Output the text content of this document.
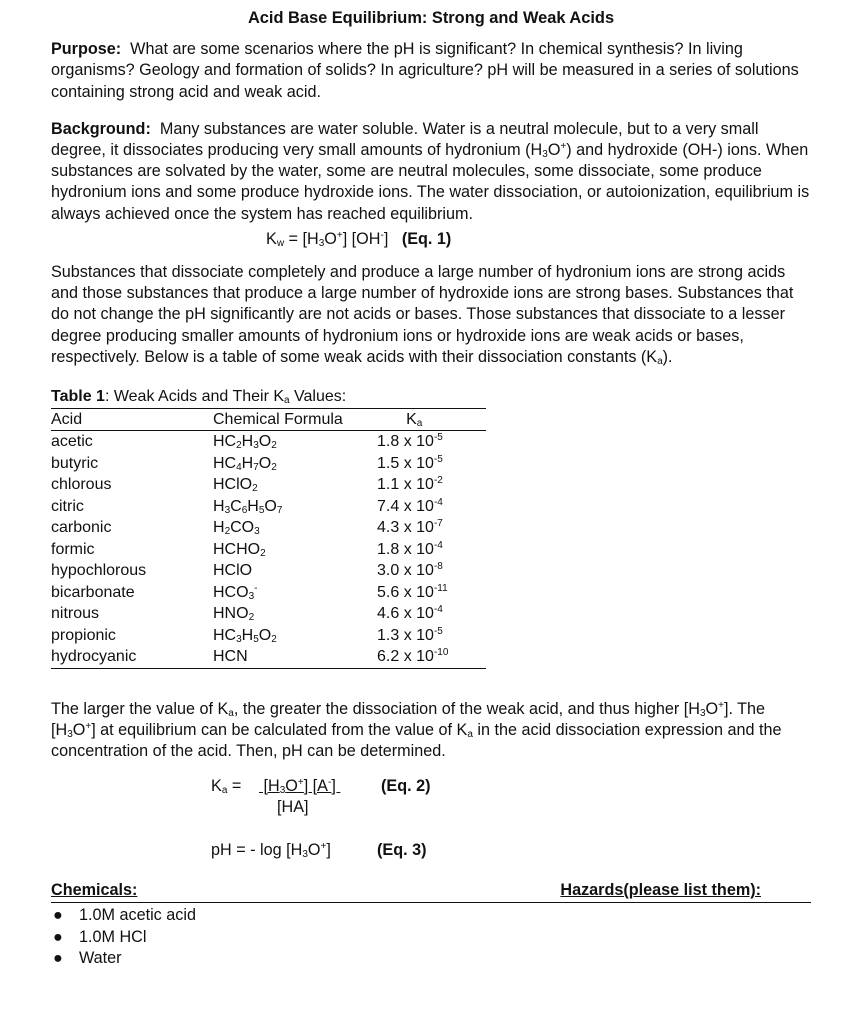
Acid Base Equilibrium: Strong and Weak Acids

Purpose: What are some scenarios where the pH is significant? In chemical synthesis? In living organisms? Geology and formation of solids? In agriculture? pH will be measured in a series of solutions containing strong acid and weak acid.

Background: Many substances are water soluble. Water is a neutral molecule, but to a very small degree, it dissociates producing very small amounts of hydronium $(H_3O^+)$ and hydroxide (OH-) ions. When substances are solvated by the water, some are neutral molecules, some dissociate, some produce hydronium ions and some produce hydroxide ions. The water dissociation, or autoionization, equilibrium is always achieved once the system has reached equilibrium.

$K_w = [H_3O^+]$ [OH-]   (Eq. 1)

Substances that dissociate completely and produce a large number of hydronium ions are strong acids and those substances that produce a large number of hydroxide ions are strong bases. Substances that do not change the pH significantly are not acids or bases. Those substances that dissociate to a lesser degree producing smaller amounts of hydronium ions or hydroxide ions are weak acids or bases, respectively. Below is a table of some weak acids with their dissociation constants $(K_a)$.

Table 1: Weak Acids and Their $K_a$ Values:		
Acid	Chemical Formula	$K_a$
acetic	$HC_2H_3O_2$	1.8 x $10^{-5}$
butyric	$HC_4H_7O_2$	1.5 x $10^{-5}$
chlorous	HClO$_2$	1.1 x $10^{-2}$
citric	$H_3C_6H_5O_7$	7.4 x $10^{-4}$
carbonic	$H_2CO_3$	4.3 x $10^{-7}$
formic	$HCHO_2$	1.8 x $10^{-4}$
hypochlorous	HClO	3.0 x $10^{-8}$
bicarbonate	$HCO_3^-$	5.6 x $10^{-11}$
nitrous	$HNO_2$	4.6 x $10^{-4}$
propionic	$HC_3H_5O_2$	1.3 x $10^{-5}$
hydrocyanic	HCN	6.2 x $10^{-10}$

The larger the value of $K_a$, the greater the dissociation of the weak acid, and thus higher $[H_3O^+]$. The $[H_3O^+]$ at equilibrium can be calculated from the value of $K_a$ in the acid dissociation expression and the concentration of the acid. Then, pH can be determined.

$K_a = [H_3O^+]$ [A-]
[HA]
(Eq. 2)
pH = - $\log [H_3O^+]$	(Eq. 3)
Chemicals:	Hazards(please list them):
● 1.0M acetic acid
● 1.0M HCl
● Water
